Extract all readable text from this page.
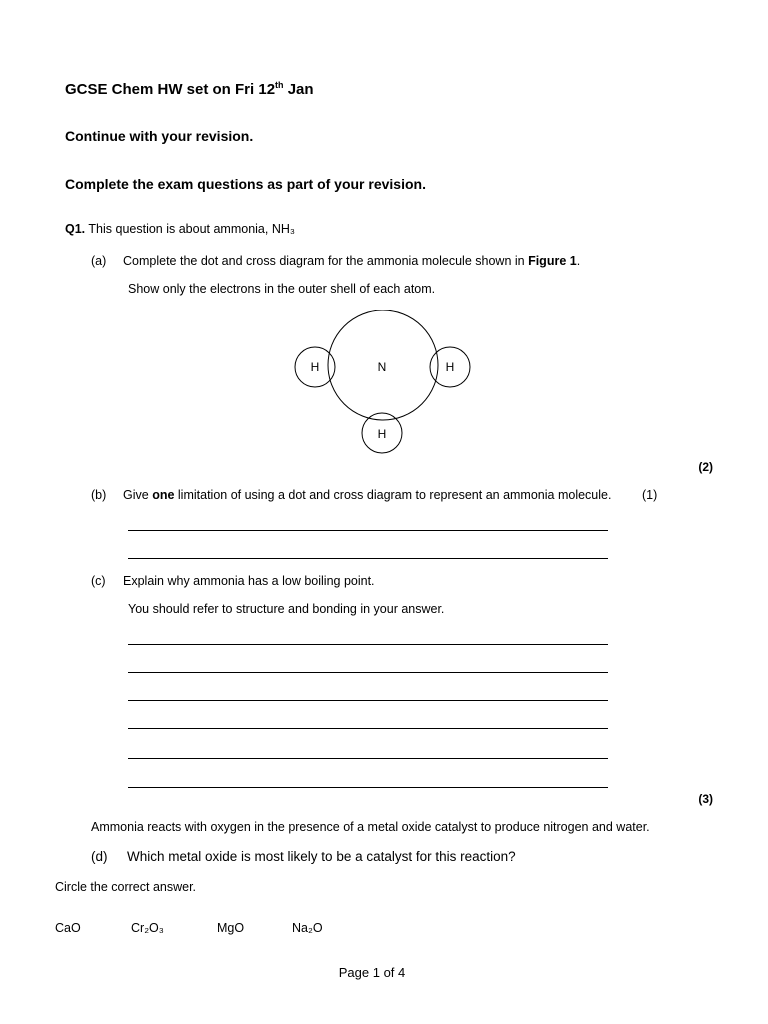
GCSE Chem HW set on Fri 12th Jan
Continue with your revision.
Complete the exam questions as part of your revision.
Q1. This question is about ammonia, NH₃
(a) Complete the dot and cross diagram for the ammonia molecule shown in Figure 1.
Show only the electrons in the outer shell of each atom.
N
H	H
H
(2)
(b) Give one limitation of using a dot and cross diagram to represent an ammonia molecule. (1)
(c) Explain why ammonia has a low boiling point.
You should refer to structure and bonding in your answer.
(3)
Ammonia reacts with oxygen in the presence of a metal oxide catalyst to produce nitrogen and water.
(d) Which metal oxide is most likely to be a catalyst for this reaction?
Circle the correct answer.
CaO	Cr₂O₃	MgO	Na₂O
Page 1 of 4
